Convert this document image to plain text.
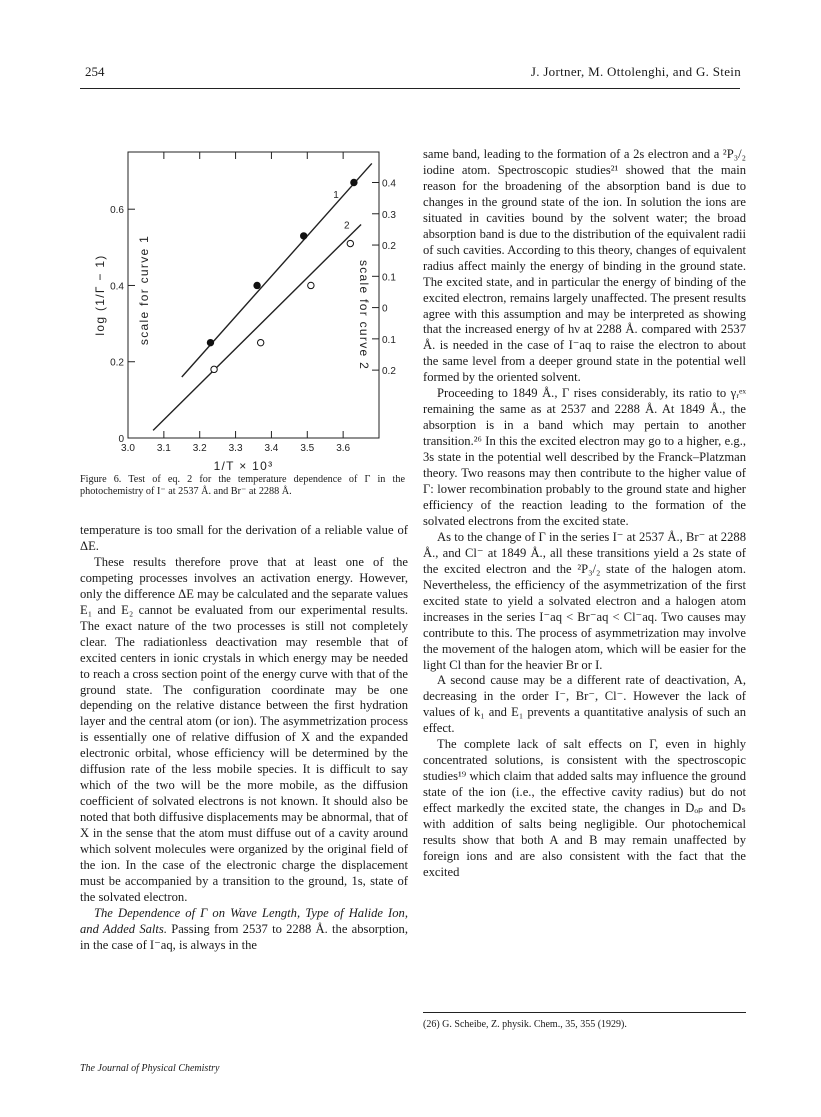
254	J. Jortner, M. Ottolenghi, and G. Stein
3.0 3.1 3.2 3.3 3.4 3.5 3.6
0
0.2
0.4
0.6
0.4
0.3
0.2
0.1
0
0.1
0.2
log (1/Γ − 1)	scale for curve 1	scale for curve 2
1/T × 10³
1
2
Figure 6. Test of eq. 2 for the temperature dependence of Γ in the photochemistry of I⁻ at 2537 Å. and Br⁻ at 2288 Å.

temperature is too small for the derivation of a reliable value of ΔE.

These results therefore prove that at least one of the competing processes involves an activation energy. However, only the difference ΔE may be calculated and the separate values E₁ and E₂ cannot be evaluated from our experimental results. The exact nature of the two processes is still not completely clear. The radiationless deactivation may resemble that of excited centers in ionic crystals in which energy may be needed to reach a cross section point of the energy curve with that of the ground state. The configuration coordinate may be one depending on the relative distance between the first hydration layer and the central atom (or ion). The asymmetrization process is essentially one of relative diffusion of X and the expanded electronic orbital, whose efficiency will be determined by the diffusion rate of the less mobile species. It is difficult to say which of the two will be the more mobile, as the diffusion coefficient of solvated electrons is not known. It should also be noted that both diffusive displacements may be abnormal, that of X in the sense that the atom must diffuse out of a cavity around which solvent molecules were organized by the original field of the ion. In the case of the electronic charge the displacement must be accompanied by a transition to the ground, 1s, state of the solvated electron.

The Dependence of Γ on Wave Length, Type of Halide Ion, and Added Salts. Passing from 2537 to 2288 Å. the absorption, in the case of I⁻aq, is always in the

same band, leading to the formation of a 2s electron and a ²P₃/₂ iodine atom. Spectroscopic studies²¹ showed that the main reason for the broadening of the absorption band is due to changes in the ground state of the ion. In solution the ions are situated in cavities bound by the solvent water; the broad absorption band is due to the distribution of the equivalent radii of such cavities. According to this theory, changes of equivalent radius affect mainly the energy of binding in the ground state. The excited state, and in particular the energy of binding of the excited electron, remains largely unaffected. The present results agree with this assumption and may be interpreted as showing that the increased energy of hν at 2288 Å. compared with 2537 Å. is needed in the case of I⁻aq to raise the electron to about the same level from a deeper ground state in the potential well formed by the oriented solvent.

Proceeding to 1849 Å., Γ rises considerably, its ratio to γᵣᵉˣ remaining the same as at 2537 and 2288 Å. At 1849 Å., the absorption is in a band which may pertain to another transition.²⁶ In this the excited electron may go to a higher, e.g., 3s state in the potential well described by the Franck–Platzman theory. Two reasons may then contribute to the higher value of Γ: lower recombination probably to the ground state and higher efficiency of the reaction leading to the formation of the solvated electrons from the excited state.

As to the change of Γ in the series I⁻ at 2537 Å., Br⁻ at 2288 Å., and Cl⁻ at 1849 Å., all these transitions yield a 2s state of the excited electron and the ²P₃/₂ state of the halogen atom. Nevertheless, the efficiency of the asymmetrization of the first excited state to yield a solvated electron and a halogen atom increases in the series I⁻aq < Br⁻aq < Cl⁻aq. Two causes may contribute to this. The process of asymmetrization may involve the movement of the halogen atom, which will be easier for the light Cl than for the heavier Br or I.

A second cause may be a different rate of deactivation, A, decreasing in the order I⁻, Br⁻, Cl⁻. However the lack of values of k₁ and E₁ prevents a quantitative analysis of such an effect.

The complete lack of salt effects on Γ, even in highly concentrated solutions, is consistent with the spectroscopic studies¹⁹ which claim that added salts may influence the ground state of the ion (i.e., the effective cavity radius) but do not effect markedly the excited state, the changes in Dₒₚ and Dₛ with addition of salts being negligible. Our photochemical results show that both A and B may remain unaffected by foreign ions and are also consistent with the fact that the excited

(26) G. Scheibe, Z. physik. Chem., 35, 355 (1929).
The Journal of Physical Chemistry
